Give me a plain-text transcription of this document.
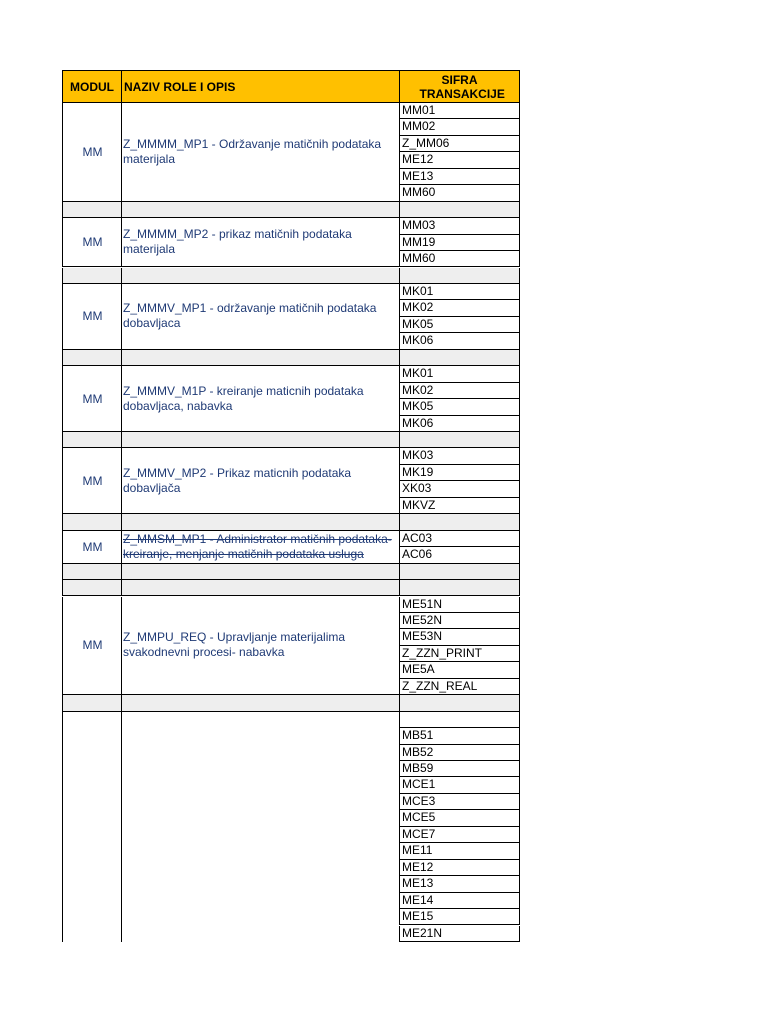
MODUL NAZIV ROLE I OPIS	SIFRA TRANSAKCIJE
MM
Z_MMMM_MP1 - Održavanje matičnih podataka materijala
MM01
MM02
Z_MM06
ME12
ME13
MM60
MM
Z_MMMM_MP2 - prikaz matičnih podataka materijala
MM03
MM19
MM60
MM
Z_MMMV_MP1 - održavanje matičnih podataka dobavljaca
MK01
MK02
MK05
MK06
MM
Z_MMMV_M1P - kreiranje maticnih podataka dobavljaca, nabavka
MK01
MK02
MK05
MK06
MM
Z_MMMV_MP2 - Prikaz maticnih podataka dobavljača
MK03
MK19
XK03
MKVZ
MM
Z_MMSM_MP1 - Administrator matičnih podataka-kreiranje, menjanje matičnih podataka usluga
AC03
AC06
MM
Z_MMPU_REQ - Upravljanje materijalima svakodnevni procesi- nabavka
ME51N
ME52N
ME53N
Z_ZZN_PRINT
ME5A
Z_ZZN_REAL
MB51
MB52
MB59
MCE1
MCE3
MCE5
MCE7
ME11
ME12
ME13
ME14
ME15
ME21N
